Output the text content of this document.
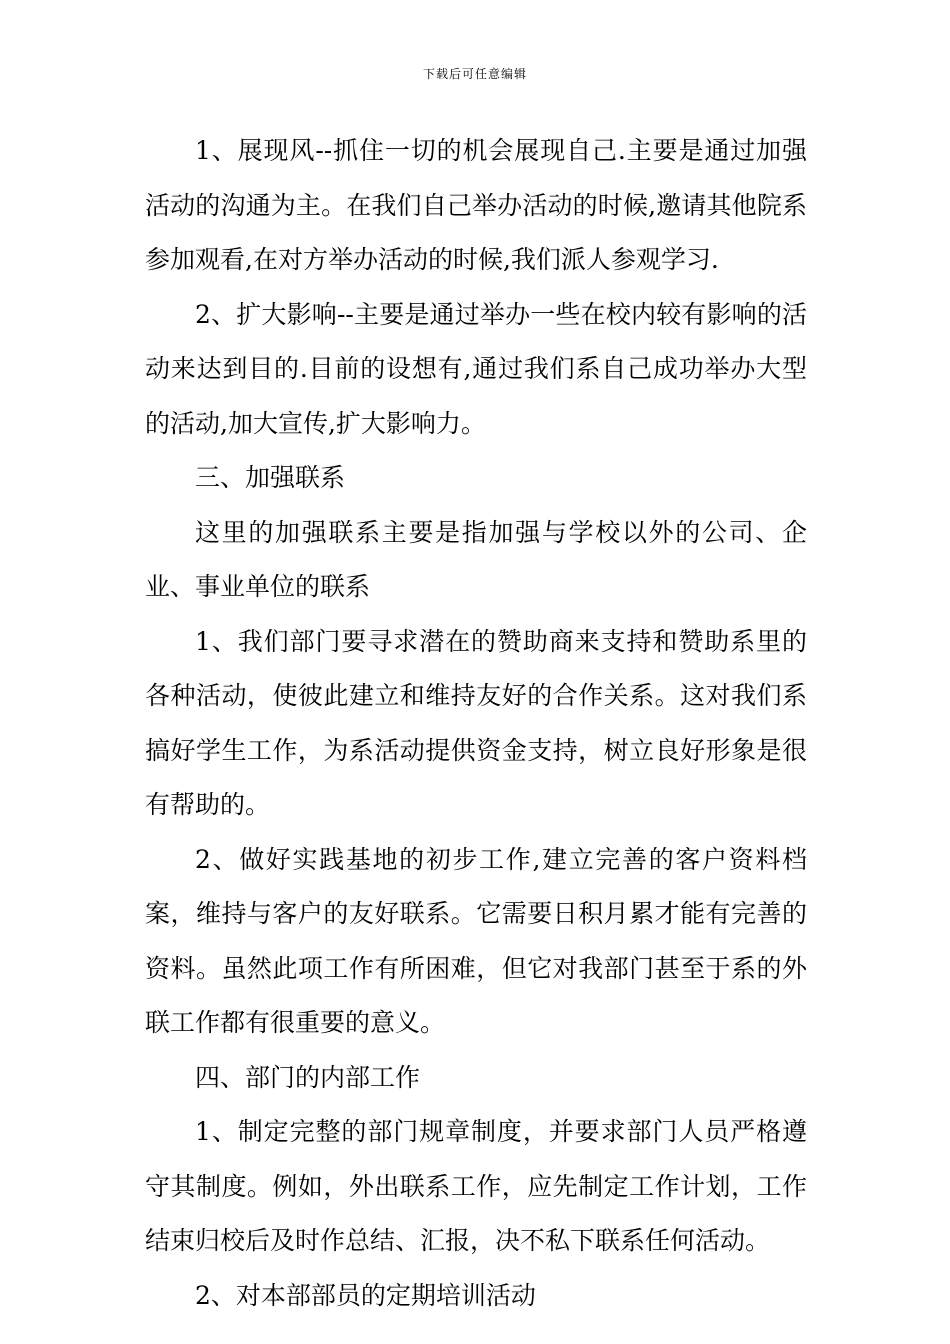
下载后可任意编辑

1、展现风--抓住一切的机会展现自己.主要是通过加强活动的沟通为主。在我们自己举办活动的时候,邀请其他院系参加观看,在对方举办活动的时候,我们派人参观学习.

2、扩大影响--主要是通过举办一些在校内较有影响的活动来达到目的.目前的设想有,通过我们系自己成功举办大型的活动,加大宣传,扩大影响力。

三、加强联系

这里的加强联系主要是指加强与学校以外的公司、企业、事业单位的联系

1、我们部门要寻求潜在的赞助商来支持和赞助系里的各种活动，使彼此建立和维持友好的合作关系。这对我们系搞好学生工作，为系活动提供资金支持，树立良好形象是很有帮助的。

2、做好实践基地的初步工作,建立完善的客户资料档案，维持与客户的友好联系。它需要日积月累才能有完善的资料。虽然此项工作有所困难，但它对我部门甚至于系的外联工作都有很重要的意义。

四、部门的内部工作

1、制定完整的部门规章制度，并要求部门人员严格遵守其制度。例如，外出联系工作，应先制定工作计划，工作结束归校后及时作总结、汇报，决不私下联系任何活动。

2、对本部部员的定期培训活动
